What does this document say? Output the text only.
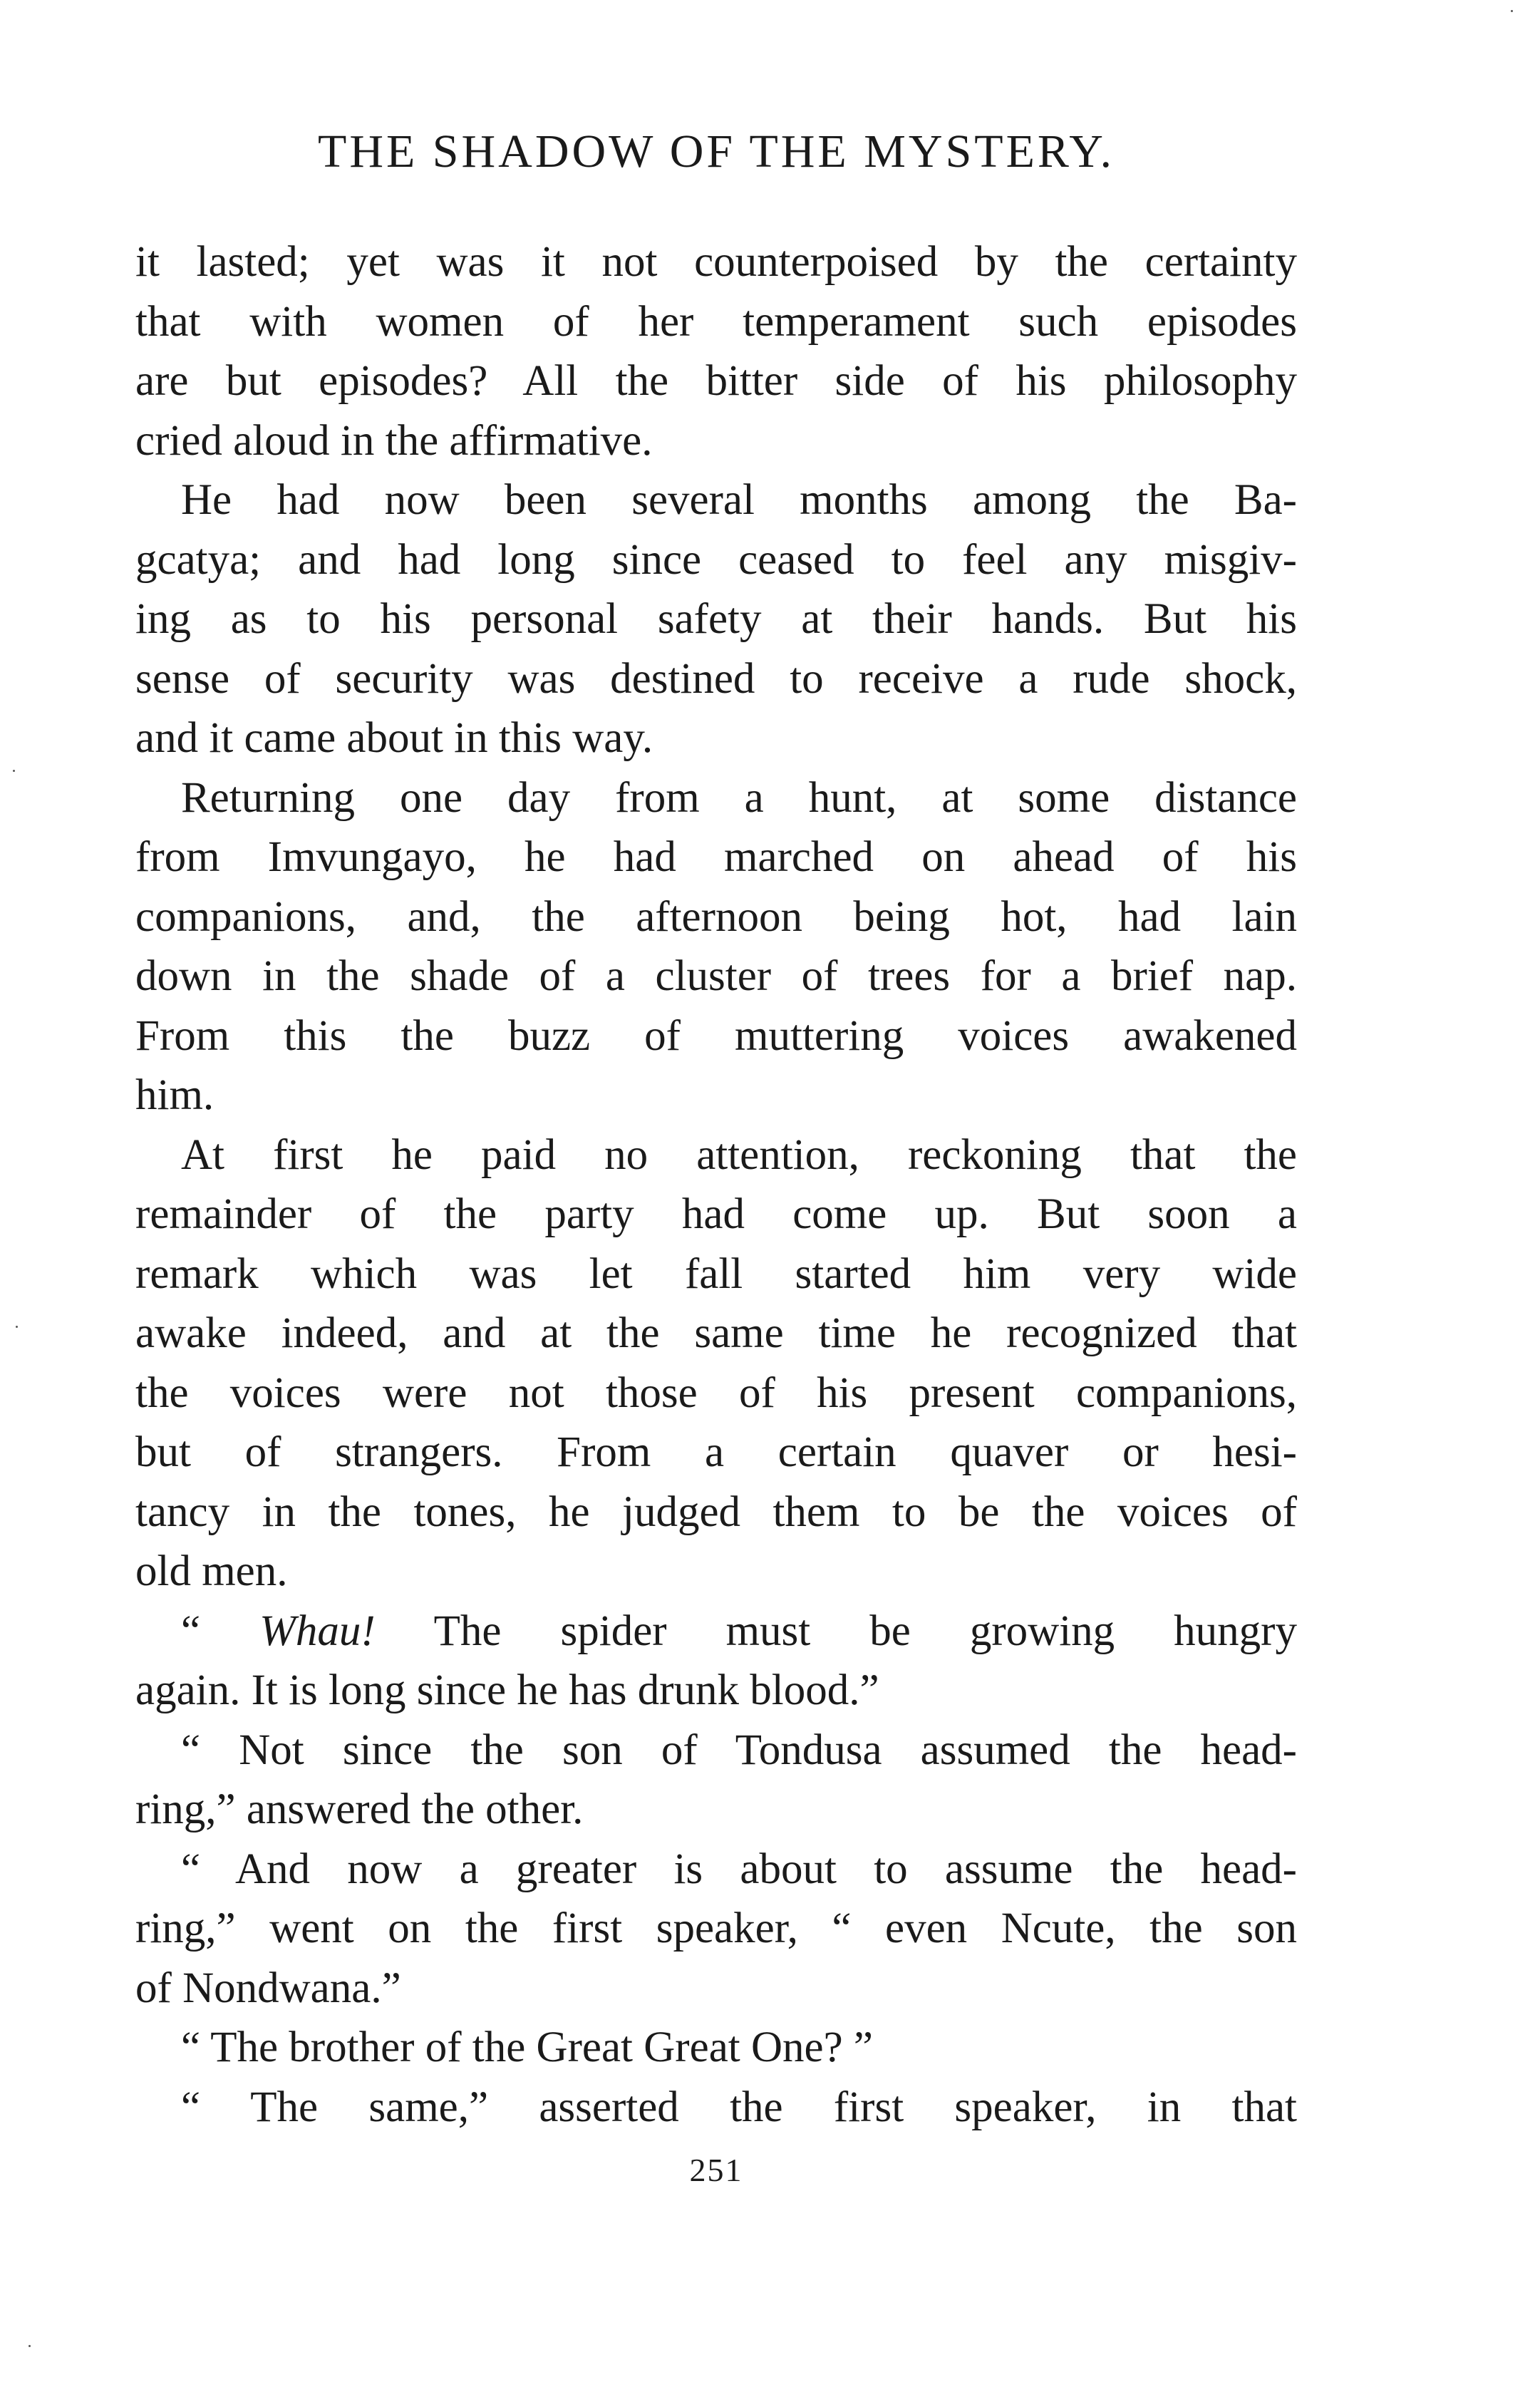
THE SHADOW OF THE MYSTERY.
it lasted; yet was it not counterpoised by the certainty
that with women of her temperament such episodes
are but episodes? All the bitter side of his philosophy
cried aloud in the affirmative.
He had now been several months among the Ba-
gcatya; and had long since ceased to feel any misgiv-
ing as to his personal safety at their hands. But his
sense of security was destined to receive a rude shock,
and it came about in this way.
Returning one day from a hunt, at some distance
from Imvungayo, he had marched on ahead of his
companions, and, the afternoon being hot, had lain
down in the shade of a cluster of trees for a brief nap.
From this the buzz of muttering voices awakened
him.
At first he paid no attention, reckoning that the
remainder of the party had come up. But soon a
remark which was let fall started him very wide
awake indeed, and at the same time he recognized that
the voices were not those of his present companions,
but of strangers. From a certain quaver or hesi-
tancy in the tones, he judged them to be the voices of
old men.
“ Whau! The spider must be growing hungry
again. It is long since he has drunk blood.”
“ Not since the son of Tondusa assumed the head-
ring,” answered the other.
“ And now a greater is about to assume the head-
ring,” went on the first speaker, “ even Ncute, the son
of Nondwana.”
“ The brother of the Great Great One? ”
“ The same,” asserted the first speaker, in that
251
